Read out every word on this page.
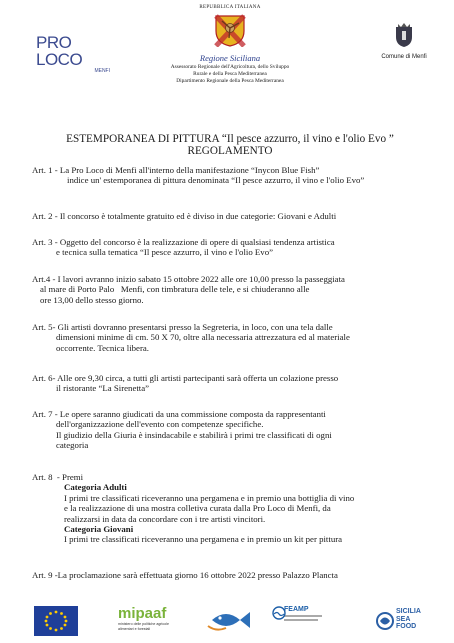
PRO LOCO
MENFI
REPUBBLICA ITALIANA
Regione Siciliana
Assessorato Regionale dell'Agricoltura, dello Sviluppo
Rurale e della Pesca Mediterranea
Dipartimento Regionale della Pesca Mediterranea
Comune di Menfi
ESTEMPORANEA DI PITTURA “Il pesce azzurro, il vino e l'olio Evo ”
REGOLAMENTO
Art. 1 - La Pro Loco di Menfi all'interno della manifestazione “Inycon Blue Fish”
indice un' estemporanea di pittura denominata “Il pesce azzurro, il vino e l'olio Evo”
Art. 2 - Il concorso è totalmente gratuito ed è diviso in due categorie: Giovani e Adulti
Art. 3 - Oggetto del concorso è la realizzazione di opere di qualsiasi tendenza artistica
e tecnica sulla tematica “Il pesce azzurro, il vino e l'olio Evo”
Art.4 - I lavori avranno inizio sabato 15 ottobre 2022 alle ore 10,00 presso la passeggiata
al mare di Porto Palo   Menfi, con timbratura delle tele, e si chiuderanno alle
ore 13,00 dello stesso giorno.
Art. 5- Gli artisti dovranno presentarsi presso la Segreteria, in loco, con una tela dalle
dimensioni minime di cm. 50 X 70, oltre alla necessaria attrezzatura ed al materiale
occorrente. Tecnica libera.
Art. 6- Alle ore 9,30 circa, a tutti gli artisti partecipanti sarà offerta un colazione presso
il ristorante “La Sirenetta”
Art. 7 - Le opere saranno giudicati da una commissione composta da rappresentanti
dell'organizzazione dell'evento con competenze specifiche.
Il giudizio della Giuria è insindacabile e stabilirà i primi tre classificati di ogni
categoria
Art. 8  - Premi
Categoria Adulti
I primi tre classificati riceveranno una pergamena e in premio una bottiglia di vino
e la realizzazione di una mostra colletiva curata dalla Pro Loco di Menfi, da
realizzarsi in data da concordare con i tre artisti vincitori.
Categoria Giovani
I primi tre classificati riceveranno una pergamena e in premio un kit per pittura
Art. 9 -La proclamazione sarà effettuata giorno 16 ottobre 2022 presso Palazzo Plancta
mipaaf
ministero delle politiche agricole alimentari e forestali
FEAMP	SICILIA
SEA
FOOD
